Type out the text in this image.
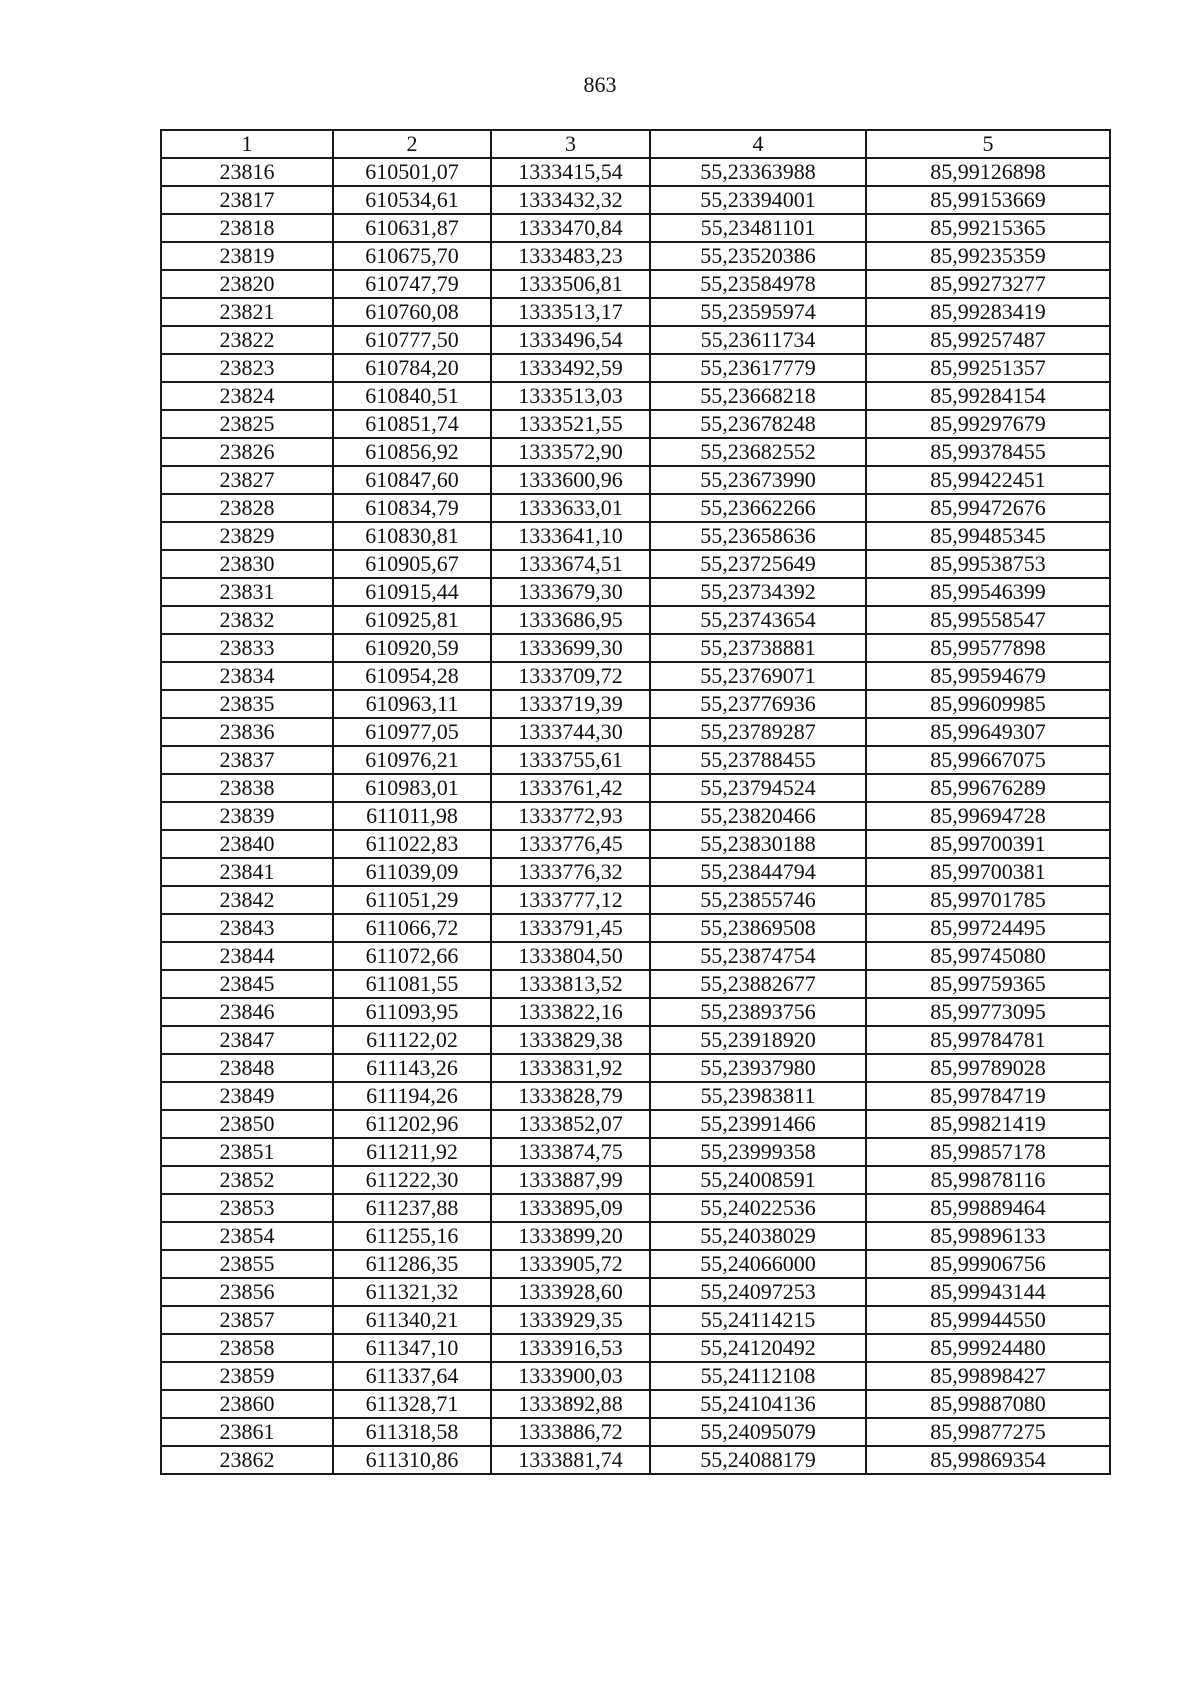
863
1	2	3	4	5
23816	610501,07	1333415,54	55,23363988	85,99126898
23817	610534,61	1333432,32	55,23394001	85,99153669
23818	610631,87	1333470,84	55,23481101	85,99215365
23819	610675,70	1333483,23	55,23520386	85,99235359
23820	610747,79	1333506,81	55,23584978	85,99273277
23821	610760,08	1333513,17	55,23595974	85,99283419
23822	610777,50	1333496,54	55,23611734	85,99257487
23823	610784,20	1333492,59	55,23617779	85,99251357
23824	610840,51	1333513,03	55,23668218	85,99284154
23825	610851,74	1333521,55	55,23678248	85,99297679
23826	610856,92	1333572,90	55,23682552	85,99378455
23827	610847,60	1333600,96	55,23673990	85,99422451
23828	610834,79	1333633,01	55,23662266	85,99472676
23829	610830,81	1333641,10	55,23658636	85,99485345
23830	610905,67	1333674,51	55,23725649	85,99538753
23831	610915,44	1333679,30	55,23734392	85,99546399
23832	610925,81	1333686,95	55,23743654	85,99558547
23833	610920,59	1333699,30	55,23738881	85,99577898
23834	610954,28	1333709,72	55,23769071	85,99594679
23835	610963,11	1333719,39	55,23776936	85,99609985
23836	610977,05	1333744,30	55,23789287	85,99649307
23837	610976,21	1333755,61	55,23788455	85,99667075
23838	610983,01	1333761,42	55,23794524	85,99676289
23839	611011,98	1333772,93	55,23820466	85,99694728
23840	611022,83	1333776,45	55,23830188	85,99700391
23841	611039,09	1333776,32	55,23844794	85,99700381
23842	611051,29	1333777,12	55,23855746	85,99701785
23843	611066,72	1333791,45	55,23869508	85,99724495
23844	611072,66	1333804,50	55,23874754	85,99745080
23845	611081,55	1333813,52	55,23882677	85,99759365
23846	611093,95	1333822,16	55,23893756	85,99773095
23847	611122,02	1333829,38	55,23918920	85,99784781
23848	611143,26	1333831,92	55,23937980	85,99789028
23849	611194,26	1333828,79	55,23983811	85,99784719
23850	611202,96	1333852,07	55,23991466	85,99821419
23851	611211,92	1333874,75	55,23999358	85,99857178
23852	611222,30	1333887,99	55,24008591	85,99878116
23853	611237,88	1333895,09	55,24022536	85,99889464
23854	611255,16	1333899,20	55,24038029	85,99896133
23855	611286,35	1333905,72	55,24066000	85,99906756
23856	611321,32	1333928,60	55,24097253	85,99943144
23857	611340,21	1333929,35	55,24114215	85,99944550
23858	611347,10	1333916,53	55,24120492	85,99924480
23859	611337,64	1333900,03	55,24112108	85,99898427
23860	611328,71	1333892,88	55,24104136	85,99887080
23861	611318,58	1333886,72	55,24095079	85,99877275
23862	611310,86	1333881,74	55,24088179	85,99869354
